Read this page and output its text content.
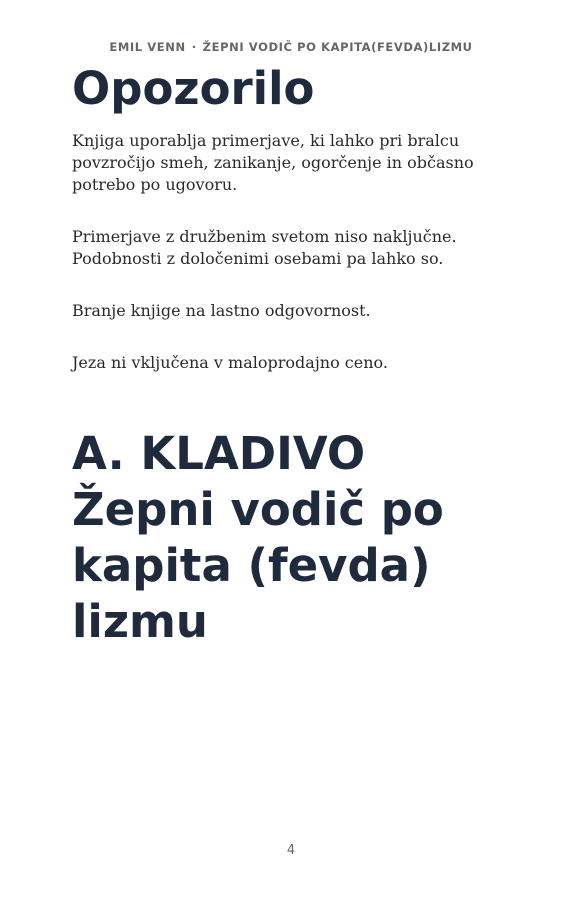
EMIL VENN · ŽEPNI VODIČ PO KAPITA(FEVDA)LIZMU
Opozorilo

Knjiga uporablja primerjave, ki lahko pri bralcu povzročijo smeh, zanikanje, ogorčenje in občasno potrebo po ugovoru.

Primerjave z družbenim svetom niso naključne. Podobnosti z določenimi osebami pa lahko so.

Branje knjige na lastno odgovornost.

Jeza ni vključena v maloprodajno ceno.

A. KLADIVO
Žepni vodič po
kapita (fevda)
lizmu
4
